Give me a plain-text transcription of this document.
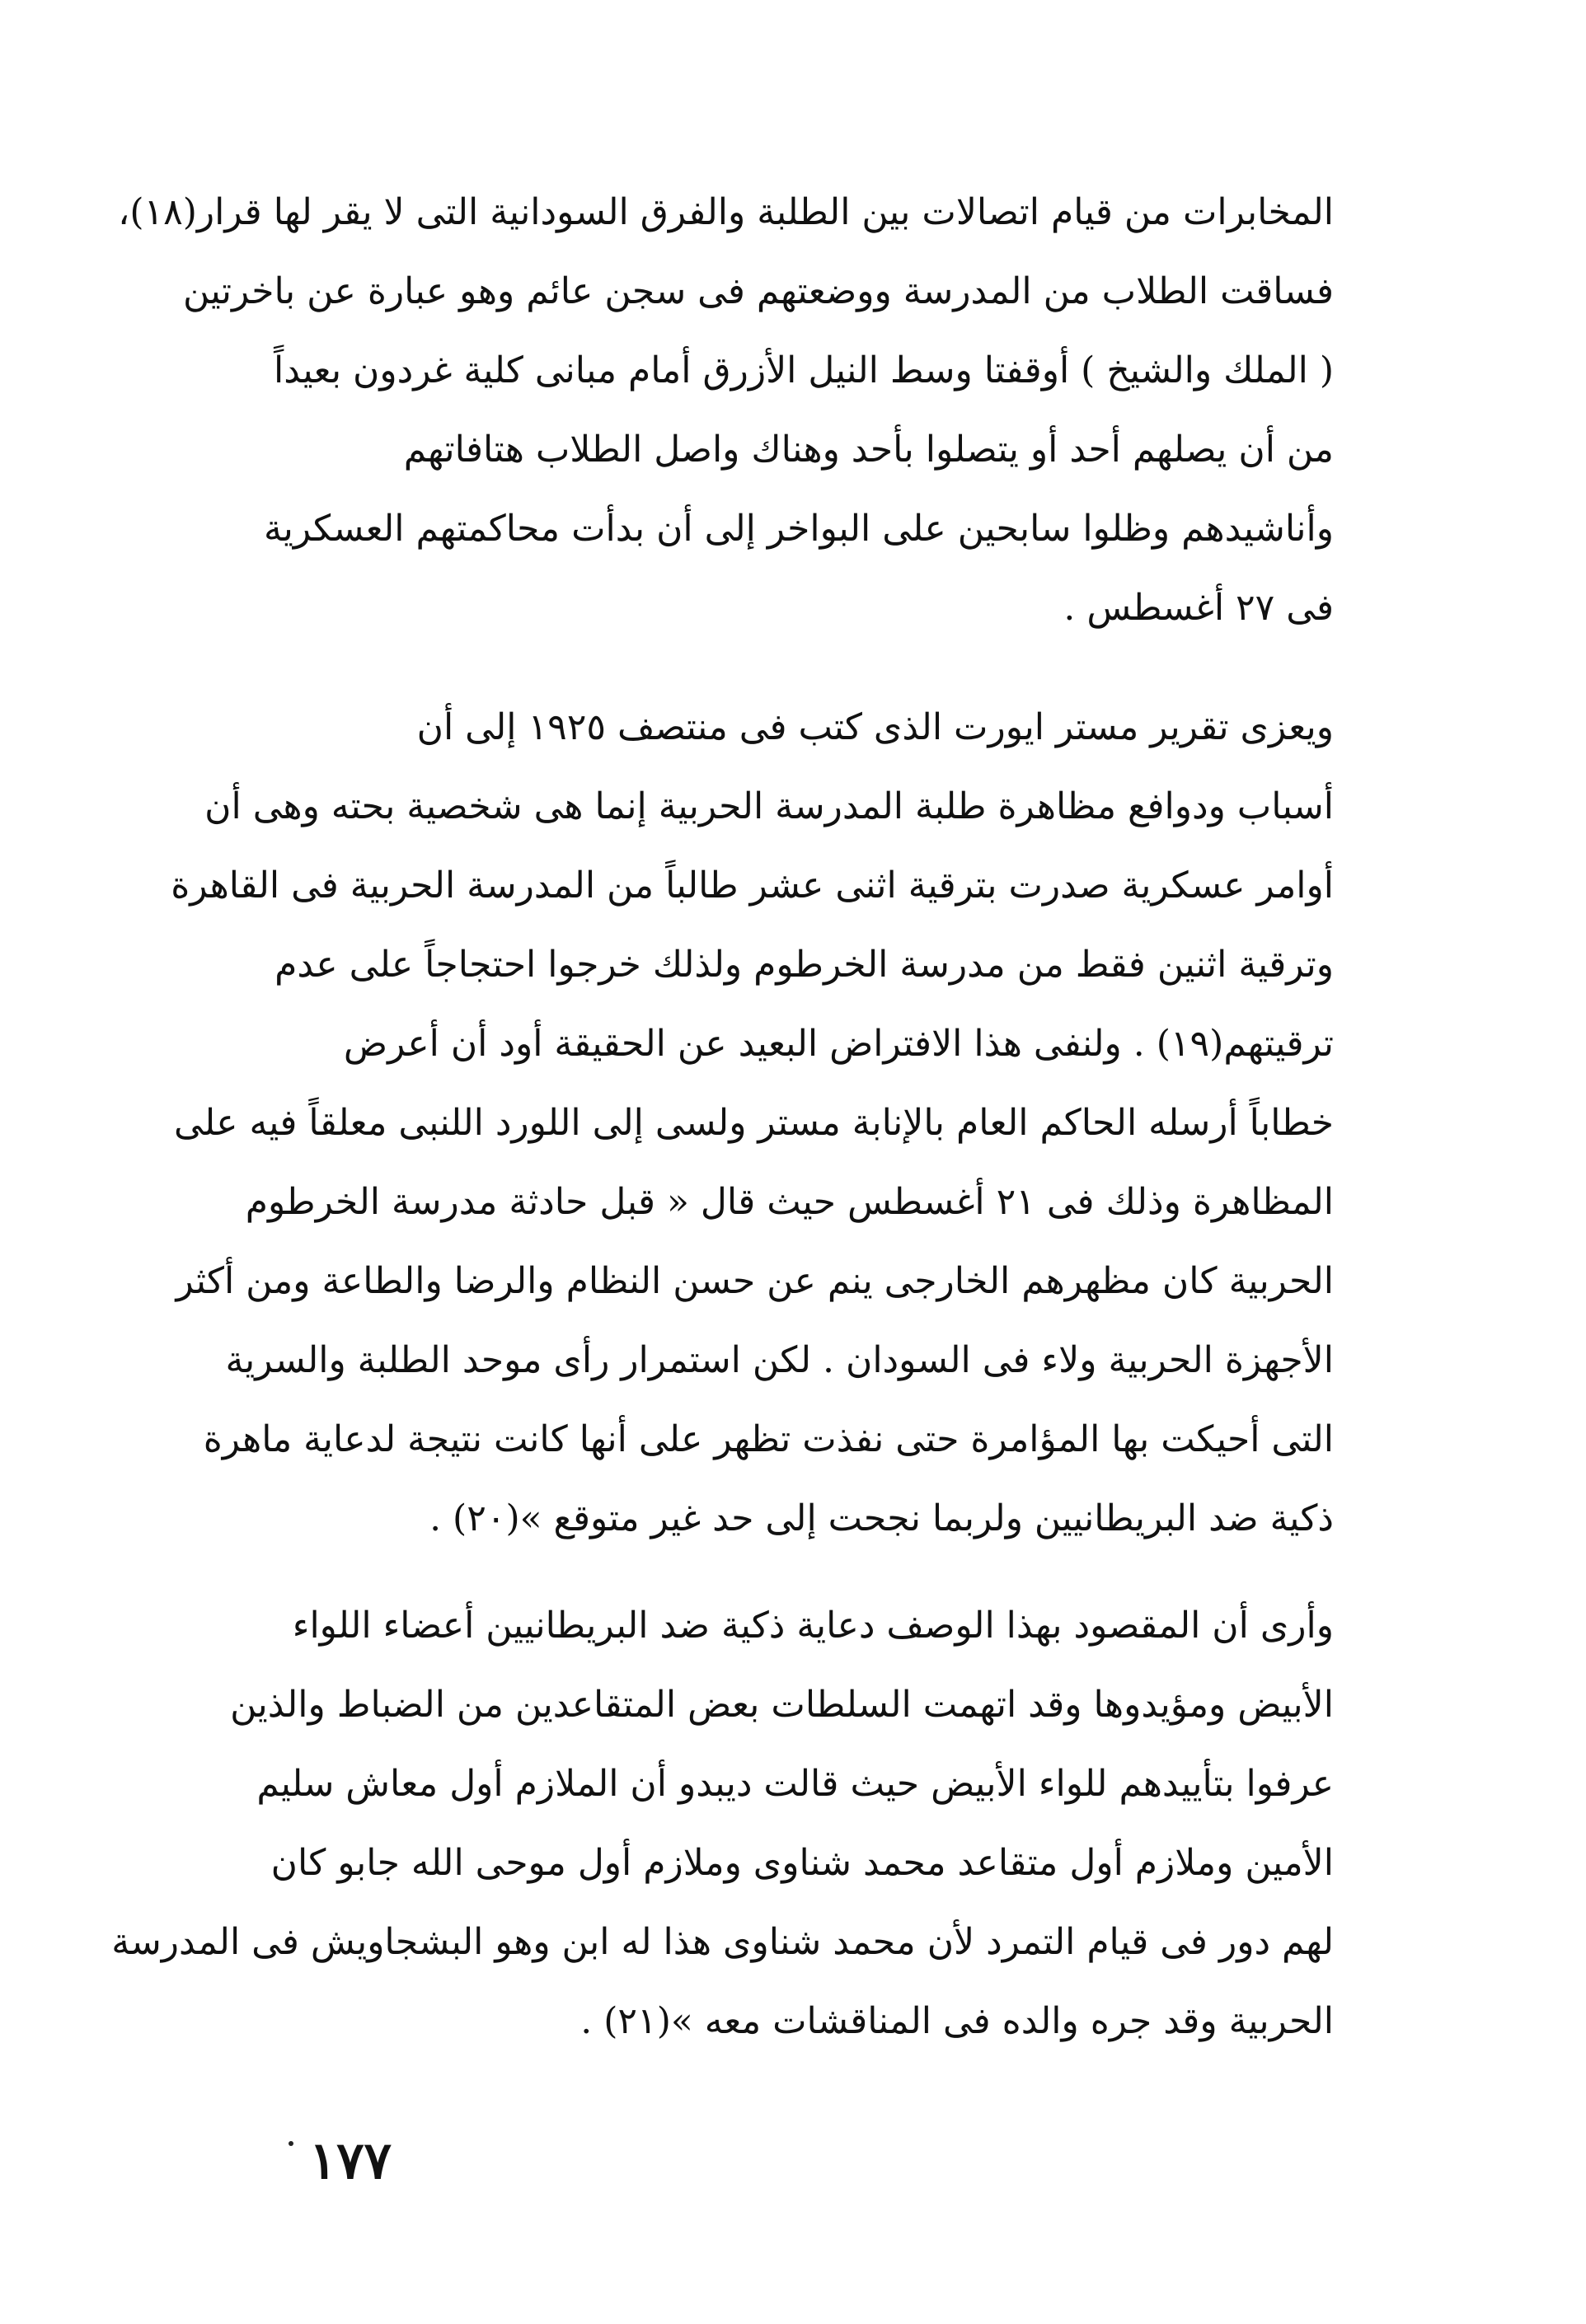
المخابرات من قيام اتصالات بين الطلبة والفرق السودانية التى لا يقر لها قرار(١٨)،
فساقت الطلاب من المدرسة ووضعتهم فى سجن عائم وهو عبارة عن باخرتين
( الملك والشيخ ) أوقفتا وسط النيل الأزرق أمام مبانى كلية غردون بعيداً
من أن يصلهم أحد أو يتصلوا بأحد وهناك واصل الطلاب هتافاتهم
وأناشيدهم وظلوا سابحين على البواخر إلى أن بدأت محاكمتهم العسكرية
فى ٢٧ أغسطس .
ويعزى تقرير مستر ايورت الذى كتب فى منتصف ١٩٢٥ إلى أن
أسباب ودوافع مظاهرة طلبة المدرسة الحربية إنما هى شخصية بحته وهى أن
أوامر عسكرية صدرت بترقية اثنى عشر طالباً من المدرسة الحربية فى القاهرة
وترقية اثنين فقط من مدرسة الخرطوم ولذلك خرجوا احتجاجاً على عدم
ترقيتهم(١٩) . ولنفى هذا الافتراض البعيد عن الحقيقة أود أن أعرض
خطاباً أرسله الحاكم العام بالإنابة مستر ولسى إلى اللورد اللنبى معلقاً فيه على
المظاهرة وذلك فى ٢١ أغسطس حيث قال « قبل حادثة مدرسة الخرطوم
الحربية كان مظهرهم الخارجى ينم عن حسن النظام والرضا والطاعة ومن أكثر
الأجهزة الحربية ولاء فى السودان . لكن استمرار رأى موحد الطلبة والسرية
التى أحيكت بها المؤامرة حتى نفذت تظهر على أنها كانت نتيجة لدعاية ماهرة
ذكية ضد البريطانيين ولربما نجحت إلى حد غير متوقع »(٢٠) .
وأرى أن المقصود بهذا الوصف دعاية ذكية ضد البريطانيين أعضاء اللواء
الأبيض ومؤيدوها وقد اتهمت السلطات بعض المتقاعدين من الضباط والذين
عرفوا بتأييدهم للواء الأبيض حيث قالت ديبدو أن الملازم أول معاش سليم
الأمين وملازم أول متقاعد محمد شناوى وملازم أول موحى الله جابو كان
لهم دور فى قيام التمرد لأن محمد شناوى هذا له ابن وهو البشجاويش فى المدرسة
الحربية وقد جره والده فى المناقشات معه »(٢١) .
١٧٧
